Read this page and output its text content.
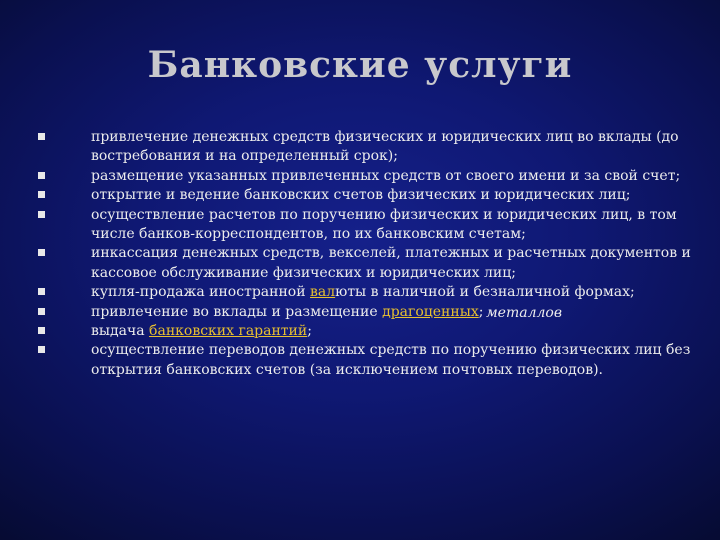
Банковские услуги
привлечение денежных средств физических и юридических лиц во вклады (до востребования и на определенный срок);
размещение указанных привлеченных средств от своего имени и за свой счет;
открытие и ведение банковских счетов физических и юридических лиц;
осуществление расчетов по поручению физических и юридических лиц, в том числе банков-корреспондентов, по их банковским счетам;
инкассация денежных средств, векселей, платежных и расчетных документов и кассовое обслуживание физических и юридических лиц;
купля-продажа иностранной валюты в наличной и безналичной формах;
привлечение во вклады и размещение драгоценных металлов
;
выдача банковских гарантий;
осуществление переводов денежных средств по поручению физических лиц без открытия банковских счетов (за исключением почтовых переводов).
